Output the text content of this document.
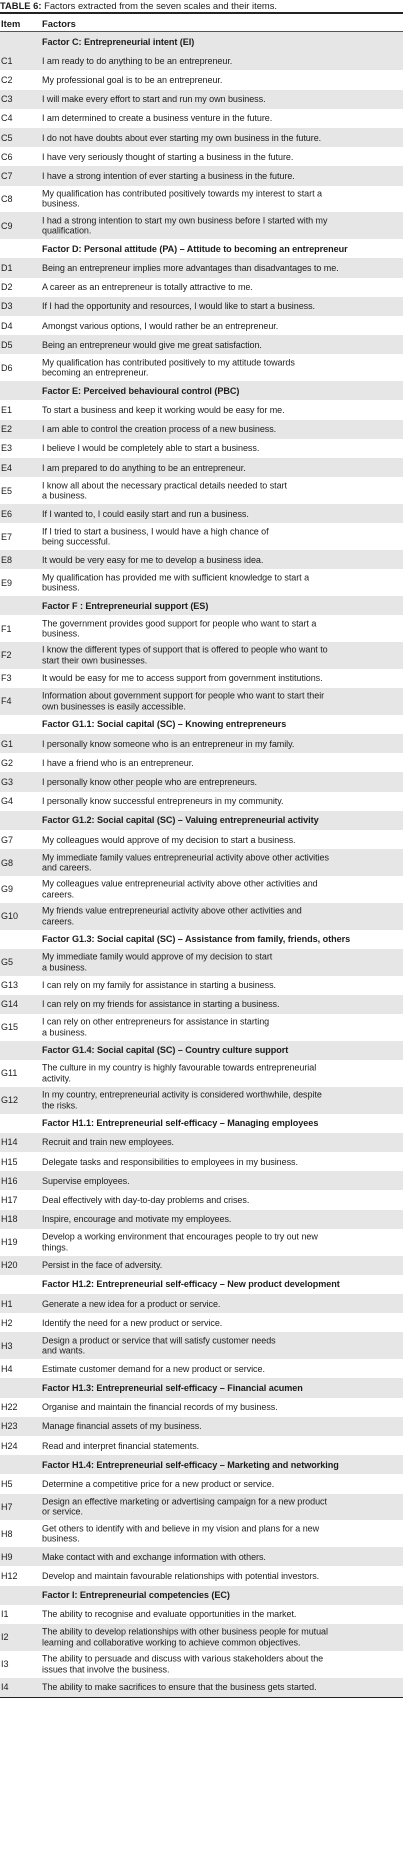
TABLE 6: Factors extracted from the seven scales and their items.
Item Factors
Factor C: Entrepreneurial intent (EI)
C1	I am ready to do anything to be an entrepreneur.
C2	My professional goal is to be an entrepreneur.
C3	I will make every effort to start and run my own business.
C4	I am determined to create a business venture in the future.
C5	I do not have doubts about ever starting my own business in the future.
C6	I have very seriously thought of starting a business in the future.
C7	I have a strong intention of ever starting a business in the future.
C8
My qualification has contributed positively towards my interest to start a
business.
C9
I had a strong intention to start my own business before I started with my
qualification.
Factor D: Personal attitude (PA) – Attitude to becoming an entrepreneur
D1	Being an entrepreneur implies more advantages than disadvantages to me.
D2	A career as an entrepreneur is totally attractive to me.
D3	If I had the opportunity and resources, I would like to start a business.
D4	Amongst various options, I would rather be an entrepreneur.
D5	Being an entrepreneur would give me great satisfaction.
D6
My qualification has contributed positively to my attitude towards
becoming an entrepreneur.
Factor E: Perceived behavioural control (PBC)
E1	To start a business and keep it working would be easy for me.
E2	I am able to control the creation process of a new business.
E3	I believe I would be completely able to start a business.
E4	I am prepared to do anything to be an entrepreneur.
E5
I know all about the necessary practical details needed to start
a business.
E6	If I wanted to, I could easily start and run a business.
E7
If I tried to start a business, I would have a high chance of
being successful.
E8	It would be very easy for me to develop a business idea.
E9
My qualification has provided me with sufficient knowledge to start a
business.
Factor F : Entrepreneurial support (ES)
F1
The government provides good support for people who want to start a
business.
F2
I know the different types of support that is offered to people who want to
start their own businesses.
F3	It would be easy for me to access support from government institutions.
F4
Information about government support for people who want to start their
own businesses is easily accessible.
Factor G1.1: Social capital (SC) – Knowing entrepreneurs
G1	I personally know someone who is an entrepreneur in my family.
G2	I have a friend who is an entrepreneur.
G3	I personally know other people who are entrepreneurs.
G4	I personally know successful entrepreneurs in my community.
Factor G1.2: Social capital (SC) – Valuing entrepreneurial activity
G7	My colleagues would approve of my decision to start a business.
G8
My immediate family values entrepreneurial activity above other activities
and careers.
G9
My colleagues value entrepreneurial activity above other activities and
careers.
G10
My friends value entrepreneurial activity above other activities and
careers.
Factor G1.3: Social capital (SC) – Assistance from family, friends, others
G5
My immediate family would approve of my decision to start
a business.
G13	I can rely on my family for assistance in starting a business.
G14	I can rely on my friends for assistance in starting a business.
G15
I can rely on other entrepreneurs for assistance in starting
a business.
Factor G1.4: Social capital (SC) – Country culture support
G11
The culture in my country is highly favourable towards entrepreneurial
activity.
G12
In my country, entrepreneurial activity is considered worthwhile, despite
the risks.
Factor H1.1: Entrepreneurial self-efficacy – Managing employees
H14	Recruit and train new employees.
H15	Delegate tasks and responsibilities to employees in my business.
H16	Supervise employees.
H17	Deal effectively with day-to-day problems and crises.
H18	Inspire, encourage and motivate my employees.
H19
Develop a working environment that encourages people to try out new
things.
H20	Persist in the face of adversity.
Factor H1.2: Entrepreneurial self-efficacy – New product development
H1	Generate a new idea for a product or service.
H2	Identify the need for a new product or service.
H3
Design a product or service that will satisfy customer needs
and wants.
H4	Estimate customer demand for a new product or service.
Factor H1.3: Entrepreneurial self-efficacy – Financial acumen
H22	Organise and maintain the financial records of my business.
H23	Manage financial assets of my business.
H24	Read and interpret financial statements.
Factor H1.4: Entrepreneurial self-efficacy – Marketing and networking
H5	Determine a competitive price for a new product or service.
H7
Design an effective marketing or advertising campaign for a new product
or service.
H8
Get others to identify with and believe in my vision and plans for a new
business.
H9	Make contact with and exchange information with others.
H12	Develop and maintain favourable relationships with potential investors.
Factor I: Entrepreneurial competencies (EC)
I1	The ability to recognise and evaluate opportunities in the market.
I2
The ability to develop relationships with other business people for mutual
learning and collaborative working to achieve common objectives.
I3
The ability to persuade and discuss with various stakeholders about the
issues that involve the business.
I4	The ability to make sacrifices to ensure that the business gets started.
